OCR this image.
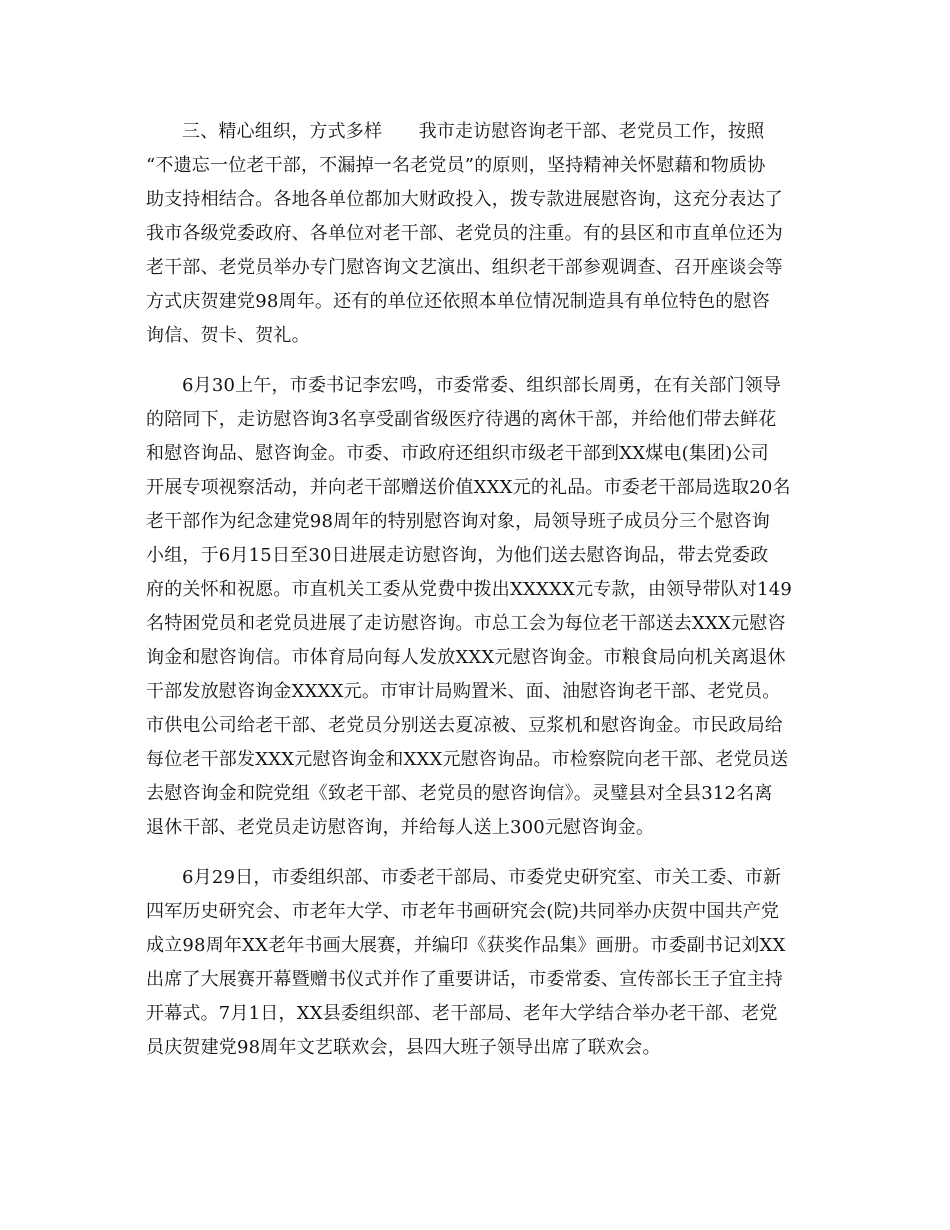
三、精心组织，方式多样　　我市走访慰咨询老干部、老党员工作，按照
“不遗忘一位老干部，不漏掉一名老党员”的原则，坚持精神关怀慰藉和物质协
助支持相结合。各地各单位都加大财政投入，拨专款进展慰咨询，这充分表达了
我市各级党委政府、各单位对老干部、老党员的注重。有的县区和市直单位还为
老干部、老党员举办专门慰咨询文艺演出、组织老干部参观调查、召开座谈会等
方式庆贺建党98周年。还有的单位还依照本单位情况制造具有单位特色的慰咨
询信、贺卡、贺礼。
6月30上午，市委书记李宏鸣，市委常委、组织部长周勇，在有关部门领导
的陪同下，走访慰咨询3名享受副省级医疗待遇的离休干部，并给他们带去鲜花
和慰咨询品、慰咨询金。市委、市政府还组织市级老干部到XX煤电(集团)公司
开展专项视察活动，并向老干部赠送价值XXX元的礼品。市委老干部局选取20名
老干部作为纪念建党98周年的特别慰咨询对象，局领导班子成员分三个慰咨询
小组，于6月15日至30日进展走访慰咨询，为他们送去慰咨询品，带去党委政
府的关怀和祝愿。市直机关工委从党费中拨出XXXXX元专款，由领导带队对149
名特困党员和老党员进展了走访慰咨询。市总工会为每位老干部送去XXX元慰咨
询金和慰咨询信。市体育局向每人发放XXX元慰咨询金。市粮食局向机关离退休
干部发放慰咨询金XXXX元。市审计局购置米、面、油慰咨询老干部、老党员。
市供电公司给老干部、老党员分别送去夏凉被、豆浆机和慰咨询金。市民政局给
每位老干部发XXX元慰咨询金和XXX元慰咨询品。市检察院向老干部、老党员送
去慰咨询金和院党组《致老干部、老党员的慰咨询信》。灵璧县对全县312名离
退休干部、老党员走访慰咨询，并给每人送上300元慰咨询金。
6月29日，市委组织部、市委老干部局、市委党史研究室、市关工委、市新
四军历史研究会、市老年大学、市老年书画研究会(院)共同举办庆贺中国共产党
成立98周年XX老年书画大展赛，并编印《获奖作品集》画册。市委副书记刘XX
出席了大展赛开幕暨赠书仪式并作了重要讲话，市委常委、宣传部长王子宜主持
开幕式。7月1日，XX县委组织部、老干部局、老年大学结合举办老干部、老党
员庆贺建党98周年文艺联欢会，县四大班子领导出席了联欢会。
